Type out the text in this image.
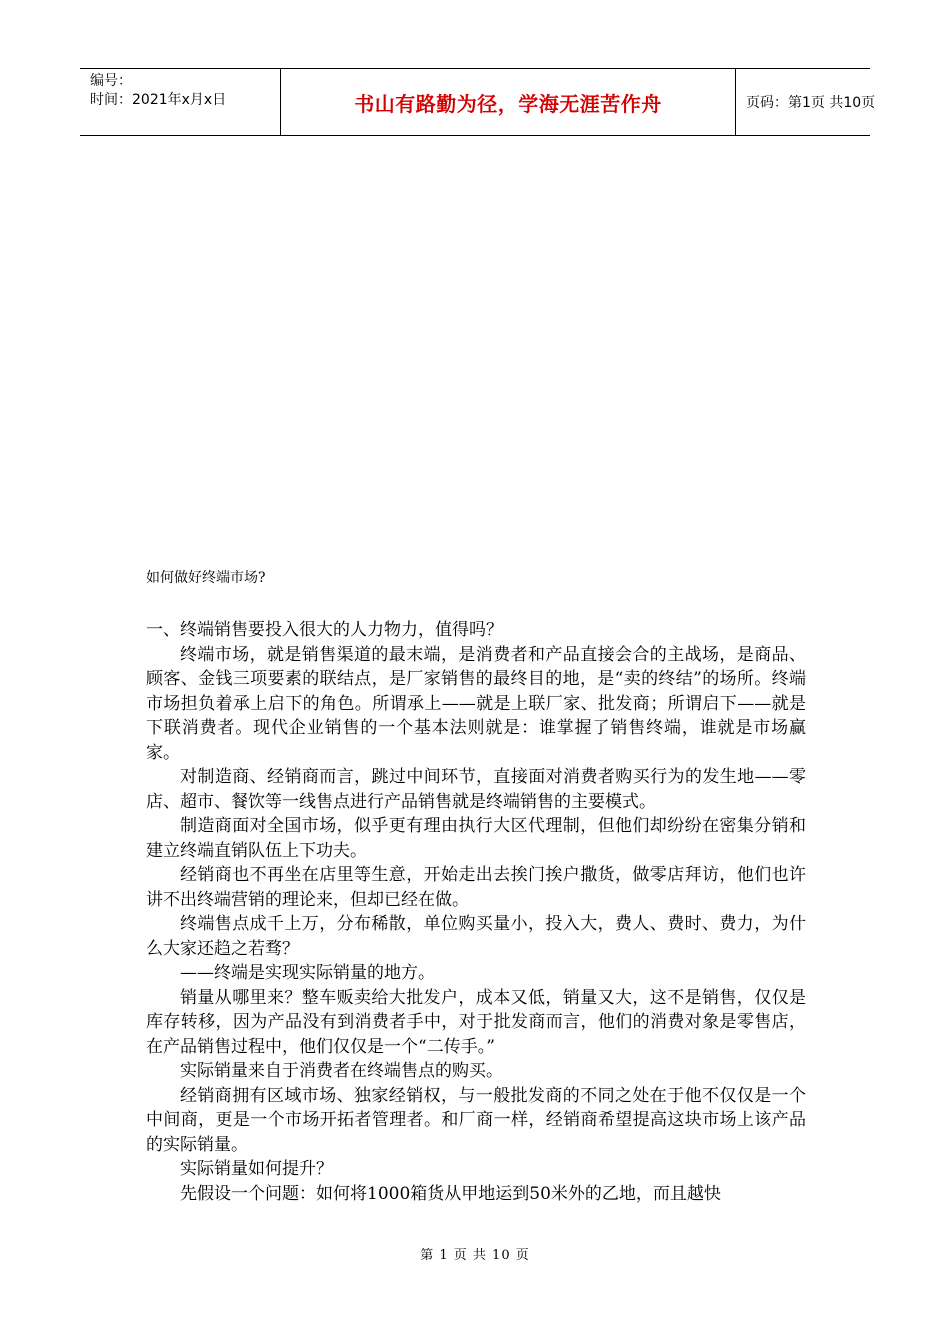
编号：
时间：2021年x月x日	书山有路勤为径，学海无涯苦作舟	页码：第1页 共10页
如何做好终端市场?

一、终端销售要投入很大的人力物力，值得吗？

终端市场，就是销售渠道的最末端，是消费者和产品直接会合的主战场，是商品、顾客、金钱三项要素的联结点，是厂家销售的最终目的地，是“卖的终结”的场所。终端市场担负着承上启下的角色。所谓承上——就是上联厂家、批发商；所谓启下——就是下联消费者。现代企业销售的一个基本法则就是：谁掌握了销售终端，谁就是市场赢家。

对制造商、经销商而言，跳过中间环节，直接面对消费者购买行为的发生地——零店、超市、餐饮等一线售点进行产品销售就是终端销售的主要模式。

制造商面对全国市场，似乎更有理由执行大区代理制，但他们却纷纷在密集分销和建立终端直销队伍上下功夫。

经销商也不再坐在店里等生意，开始走出去挨门挨户撒货，做零店拜访，他们也许讲不出终端营销的理论来，但却已经在做。

终端售点成千上万，分布稀散，单位购买量小，投入大，费人、费时、费力，为什么大家还趋之若骛？

——终端是实现实际销量的地方。

销量从哪里来？整车贩卖给大批发户，成本又低，销量又大，这不是销售，仅仅是库存转移，因为产品没有到消费者手中，对于批发商而言，他们的消费对象是零售店，在产品销售过程中，他们仅仅是一个“二传手。”

实际销量来自于消费者在终端售点的购买。

经销商拥有区域市场、独家经销权，与一般批发商的不同之处在于他不仅仅是一个中间商，更是一个市场开拓者管理者。和厂商一样，经销商希望提高这块市场上该产品的实际销量。

实际销量如何提升？

先假设一个问题：如何将1000箱货从甲地运到50米外的乙地，而且越快

第 1 页 共 10 页
